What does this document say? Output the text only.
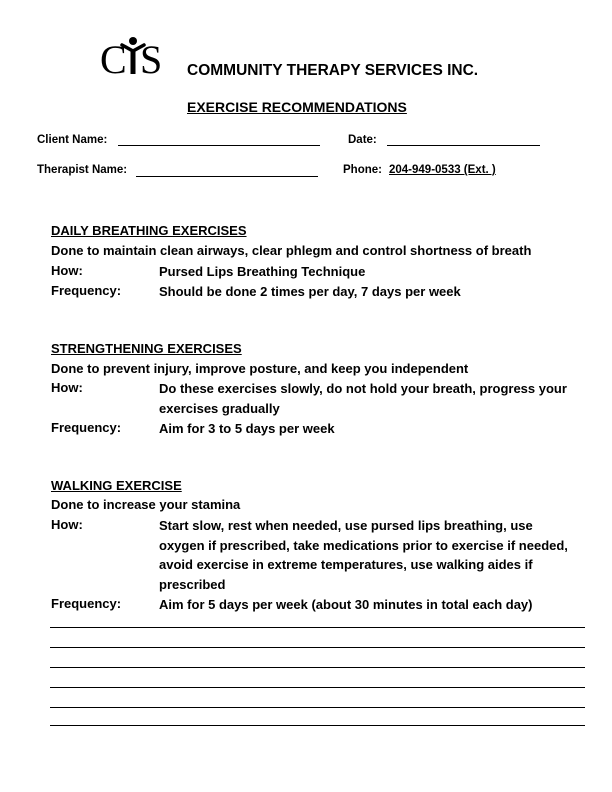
C S COMMUNITY THERAPY SERVICES INC.
EXERCISE RECOMMENDATIONS
Client Name:	Date:
Therapist Name:	Phone: 204-949-0533 (Ext. )
DAILY BREATHING EXERCISES
Done to maintain clean airways, clear phlegm and control shortness of breath
How:	Pursed Lips Breathing Technique
Frequency:	Should be done 2 times per day, 7 days per week
STRENGTHENING EXERCISES
Done to prevent injury, improve posture, and keep you independent
How:	Do these exercises slowly, do not hold your breath, progress your exercises gradually
Frequency:	Aim for 3 to 5 days per week
WALKING EXERCISE
Done to increase your stamina
How:	Start slow, rest when needed, use pursed lips breathing, use oxygen if prescribed, take medications prior to exercise if needed, avoid exercise in extreme temperatures, use walking aides if prescribed
Frequency:	Aim for 5 days per week (about 30 minutes in total each day)
